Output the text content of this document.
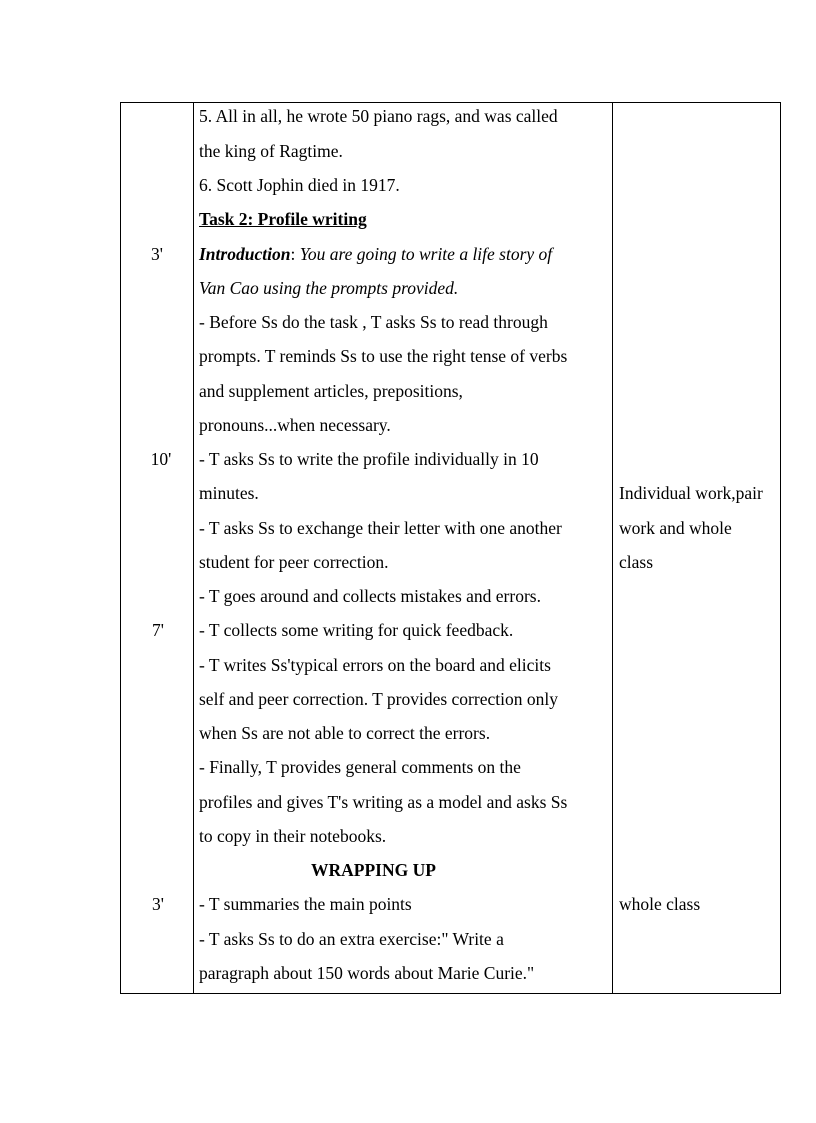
3'
10'
7'
3'
5. All in all, he wrote 50 piano rags, and was called
the king of Ragtime.
6. Scott Jophin died in 1917.
Task 2: Profile writing
Introduction: You are going to write a life story of
Van Cao using the prompts provided.
- Before Ss do the task , T asks Ss to read through
prompts. T reminds Ss to use the right tense of verbs
and supplement articles, prepositions,
pronouns...when necessary.
- T asks Ss to write the profile individually in 10
minutes.
- T asks Ss to exchange their letter with one another
student for peer correction.
- T goes around and collects mistakes and errors.
- T collects some writing for quick feedback.
- T writes Ss'typical errors on the board and elicits
self and peer correction. T provides correction only
when Ss are not able to correct the errors.
- Finally, T provides general comments on the
profiles and gives T's writing as a model and asks Ss
to copy in their notebooks.
WRAPPING UP
- T summaries the main points
- T asks Ss to do an extra exercise:" Write a
paragraph about 150 words about Marie Curie."
Individual work,pair
work and whole
class
whole class
